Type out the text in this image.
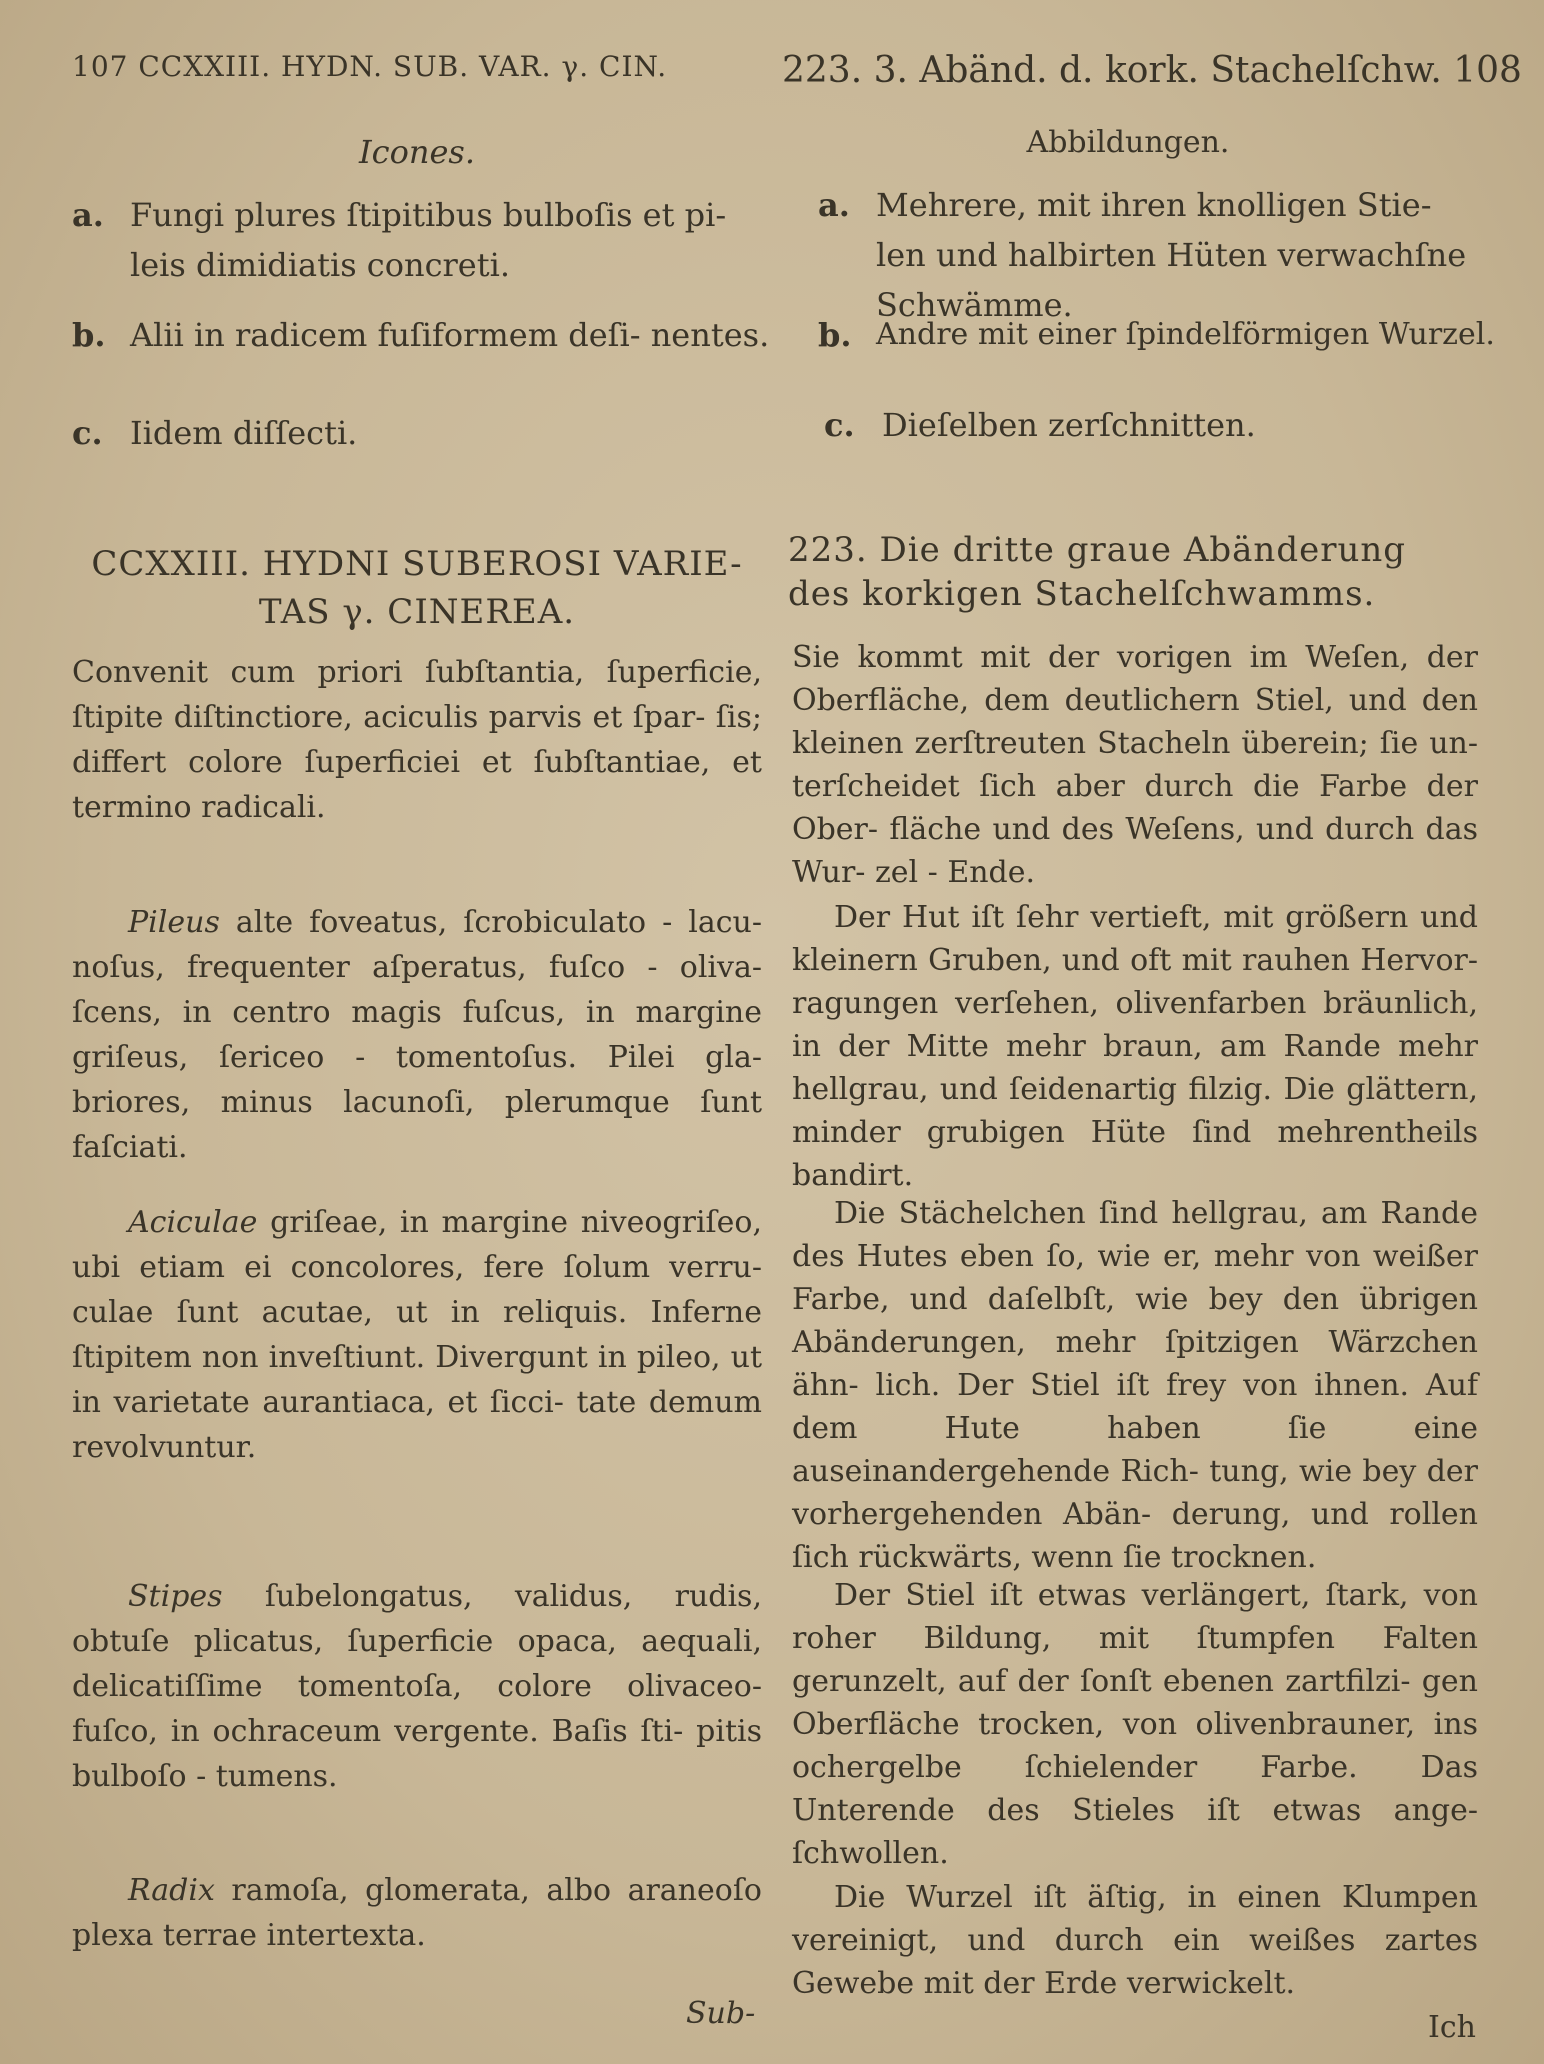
107 CCXXIII. HYDN. SUB. VAR. γ. CIN.
Icones.
a. Fungi plures ſtipitibus bulboſis et pi- leis dimidiatis concreti.
b. Alii in radicem fuſiformem deſi- nentes.
c. Iidem diſſecti.
CCXXIII. HYDNI SUBEROSI VARIE- TAS γ. CINEREA.
Convenit cum priori ſubſtantia, ſuperficie, ſtipite diſtinctiore, aciculis parvis et ſpar- ſis; differt colore ſuperficiei et ſubſtantiae, et termino radicali.
Pileus alte foveatus, ſcrobiculato - lacu- noſus, frequenter aſperatus, fuſco - oliva- ſcens, in centro magis fuſcus, in margine griſeus, ſericeo - tomentoſus. Pilei gla- briores, minus lacunoſi, plerumque ſunt faſciati.
Aciculae griſeae, in margine niveogriſeo, ubi etiam ei concolores, fere ſolum verru- culae ſunt acutae, ut in reliquis. Inferne ſtipitem non inveſtiunt. Divergunt in pileo, ut in varietate aurantiaca, et ſicci- tate demum revolvuntur.
Stipes ſubelongatus, validus, rudis, obtuſe plicatus, ſuperficie opaca, aequali, delicatiſſime tomentoſa, colore olivaceo- fuſco, in ochraceum vergente. Baſis ſti- pitis bulboſo - tumens.
Radix ramoſa, glomerata, albo araneoſo plexa terrae intertexta.
Sub-
223. 3. Abänd. d. kork. Stachelſchw. 108
Abbildungen.
a. Mehrere, mit ihren knolligen Stie- len und halbirten Hüten verwachſne Schwämme.
b. Andre mit einer ſpindelförmigen Wurzel.
c. Dieſelben zerſchnitten.
223. Die dritte graue Abänderung des korkigen Stachelſchwamms.
Sie kommt mit der vorigen im Weſen, der Oberfläche, dem deutlichern Stiel, und den kleinen zerſtreuten Stacheln überein; ſie un- terſcheidet ſich aber durch die Farbe der Ober- fläche und des Weſens, und durch das Wur- zel - Ende.
Der Hut iſt ſehr vertieft, mit größern und kleinern Gruben, und oft mit rauhen Hervor- ragungen verſehen, olivenfarben bräunlich, in der Mitte mehr braun, am Rande mehr hellgrau, und ſeidenartig filzig. Die glättern, minder grubigen Hüte ſind mehrentheils bandirt.
Die Stächelchen ſind hellgrau, am Rande des Hutes eben ſo, wie er, mehr von weißer Farbe, und daſelbſt, wie bey den übrigen Abänderungen, mehr ſpitzigen Wärzchen ähn- lich. Der Stiel iſt frey von ihnen. Auf dem Hute haben ſie eine auseinandergehende Rich- tung, wie bey der vorhergehenden Abän- derung, und rollen ſich rückwärts, wenn ſie trocknen.
Der Stiel iſt etwas verlängert, ſtark, von roher Bildung, mit ſtumpfen Falten gerunzelt, auf der ſonſt ebenen zartfilzi- gen Oberfläche trocken, von olivenbrauner, ins ochergelbe ſchielender Farbe. Das Unterende des Stieles iſt etwas ange- ſchwollen.
Die Wurzel iſt äſtig, in einen Klumpen vereinigt, und durch ein weißes zartes Gewebe mit der Erde verwickelt.
Ich
